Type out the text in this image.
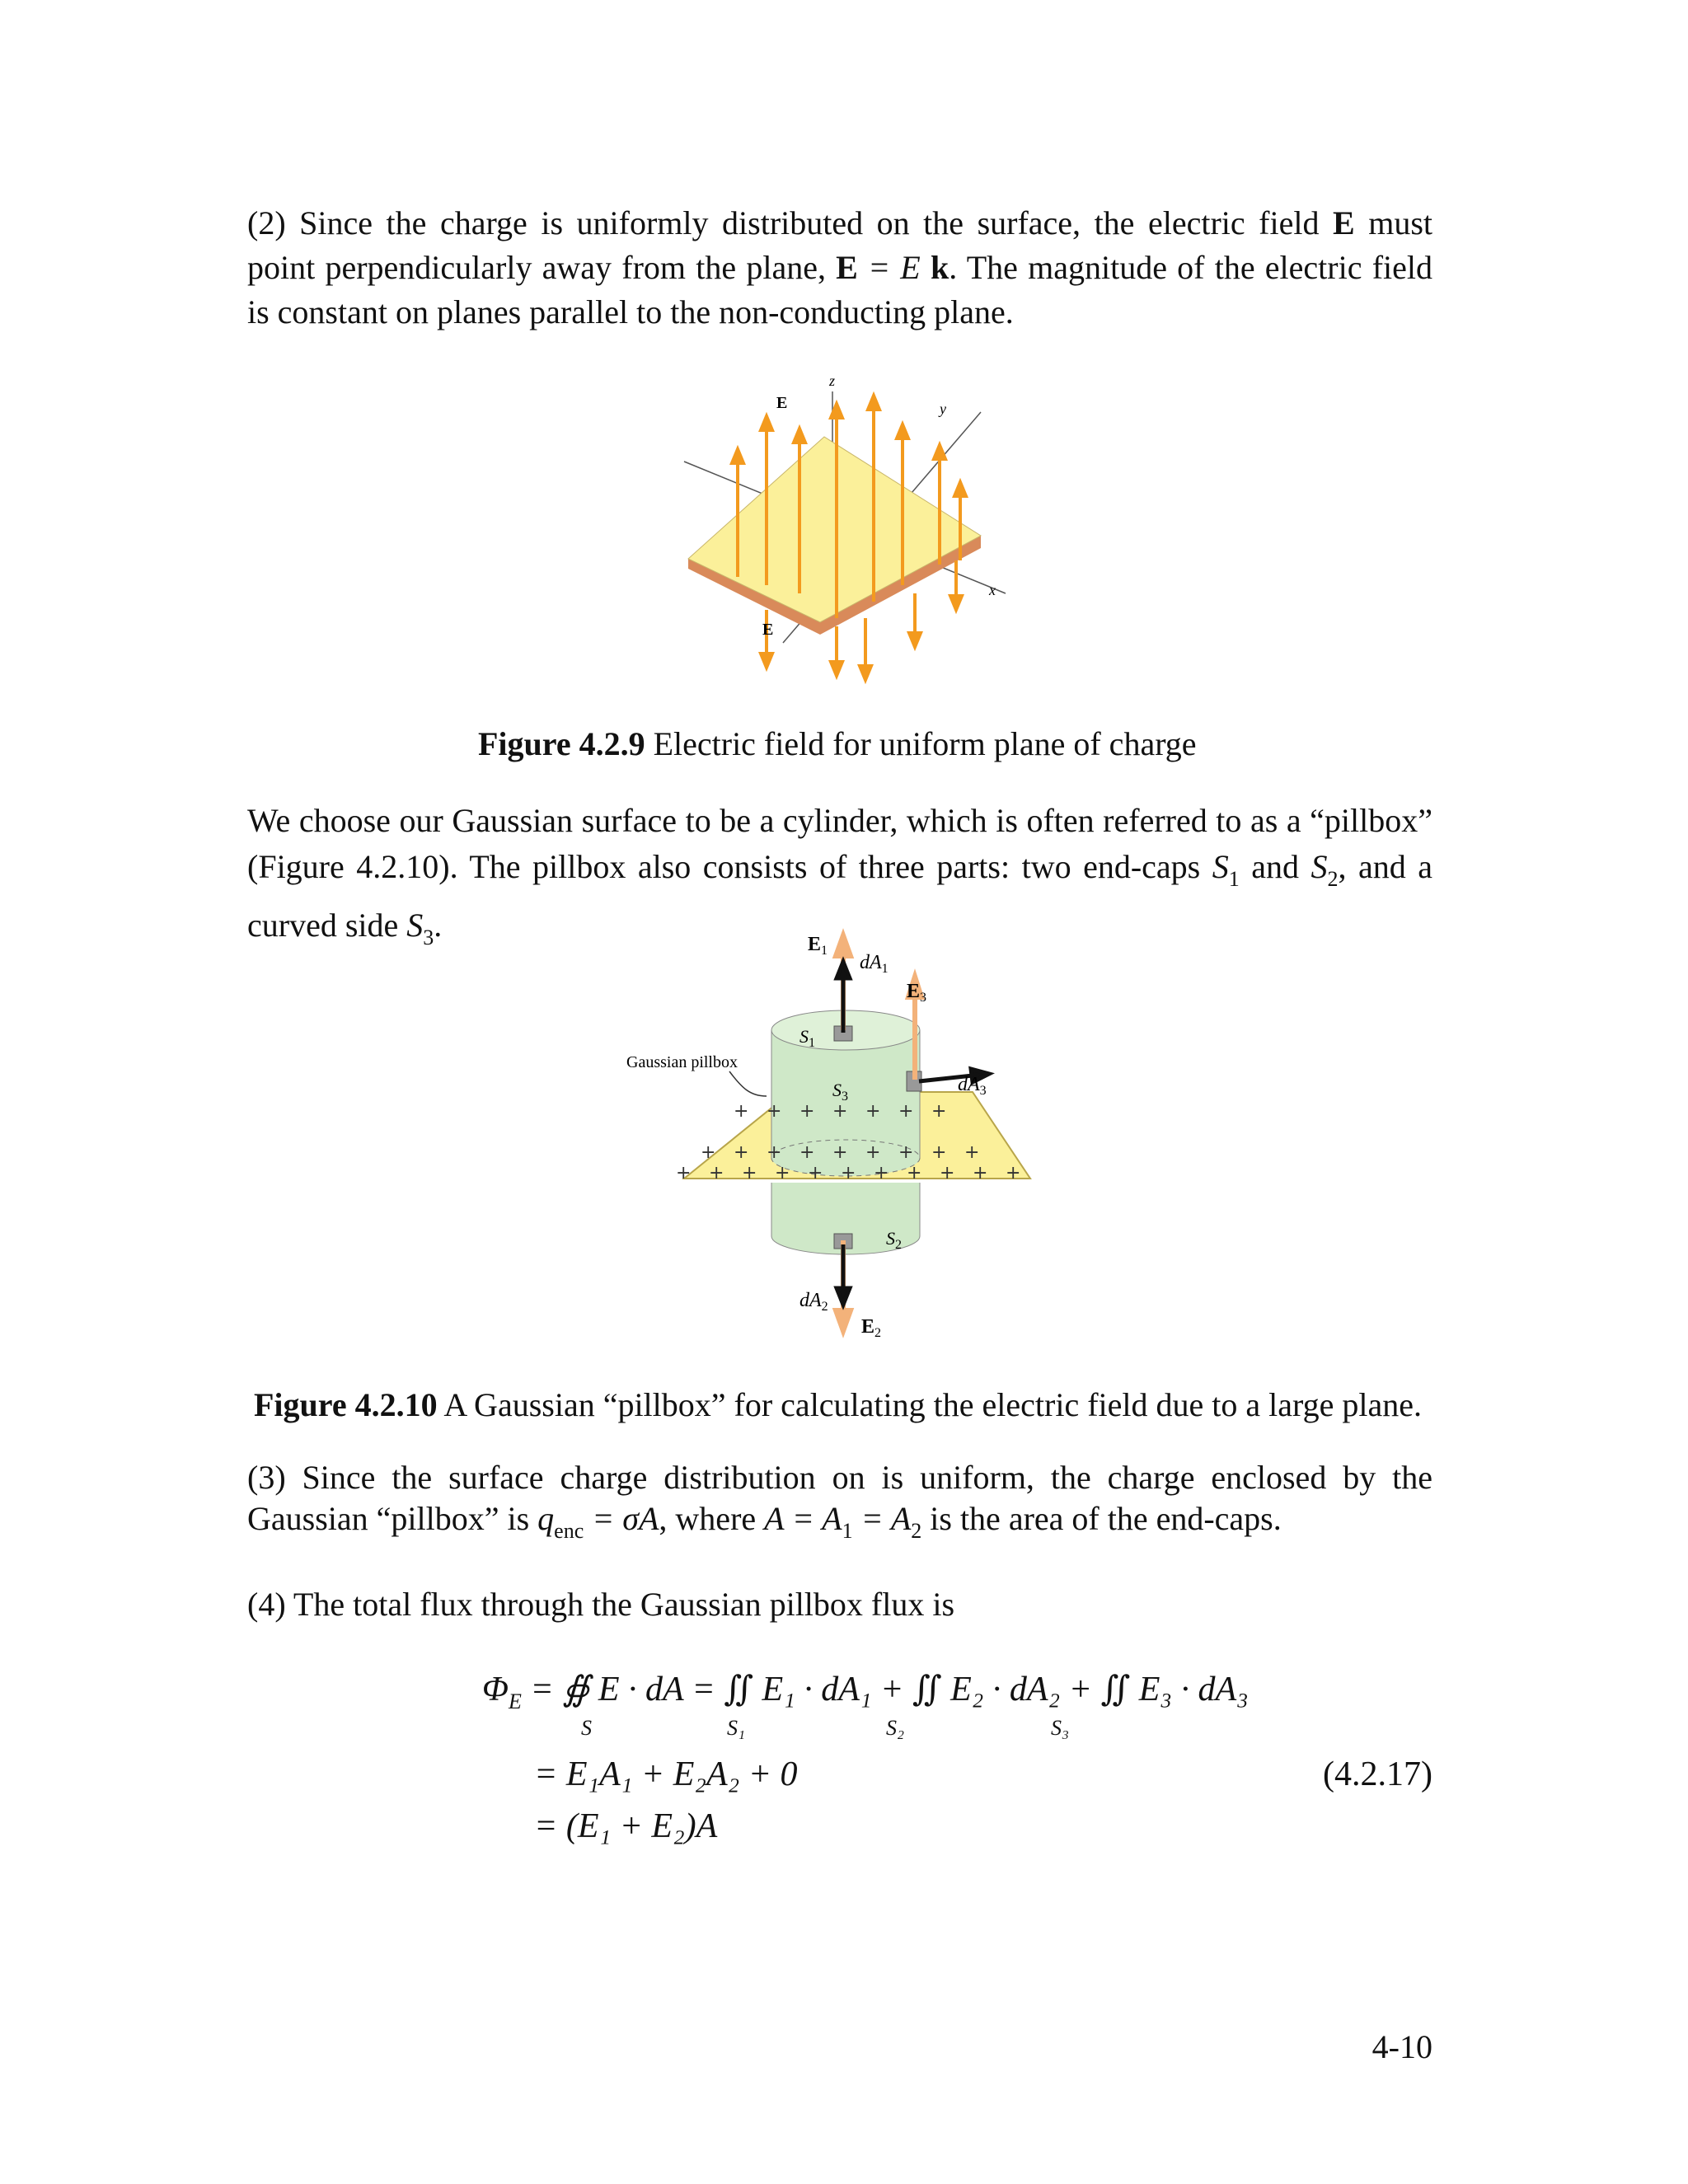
(2) Since the charge is uniformly distributed on the surface, the electric field E must point perpendicularly away from the plane, E = E k. The magnitude of the electric field is constant on planes parallel to the non-conducting plane.
z
y
x
E
E
Figure 4.2.9 Electric field for uniform plane of charge
We choose our Gaussian surface to be a cylinder, which is often referred to as a “pillbox” (Figure 4.2.10). The pillbox also consists of three parts: two end-caps $S_1$ and $S_2$, and a curved side $S_3$.
+ + + + + + + + +
+ + + + + + + + + + +
+ + + + + + +
$E_1$
$dA_1$
$E_3$
$S_1$
$S_3$
$dA_3$
Gaussian pillbox
$S_2$
$dA_2$
$E_2$
Figure 4.2.10 A Gaussian “pillbox” for calculating the electric field due to a large plane.
(3) Since the surface charge distribution on is uniform, the charge enclosed by the Gaussian “pillbox” is $q_{enc} = \sigma A$, where $A = A_1 = A_2$ is the area of the end-caps.
(4) The total flux through the Gaussian pillbox flux is
$\Phi_E$ = ∯ E · dA = ∬ E₁ · dA₁ + ∬ E₂ · dA₂ + ∬ E₃ · dA₃
S	S₁	S₂	S₃
= E₁A₁ + E₂A₂ + 0	(4.2.17)
= (E₁ + E₂)A
4-10
